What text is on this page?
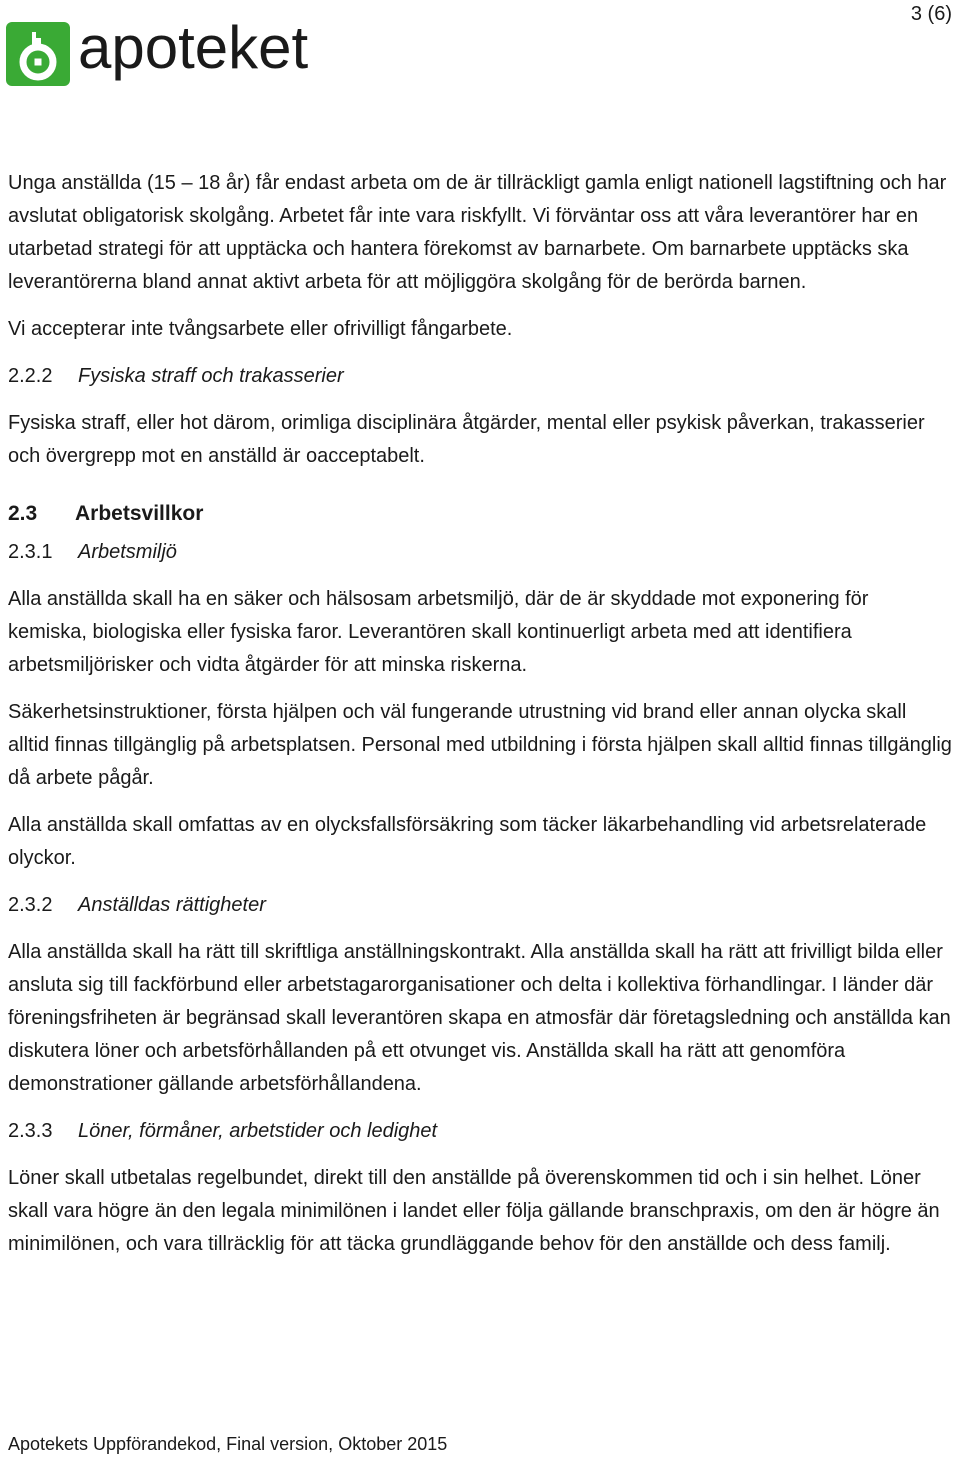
3 (6)
apoteket

Unga anställda (15 – 18 år) får endast arbeta om de är tillräckligt gamla enligt nationell lagstiftning och har avslutat obligatorisk skolgång. Arbetet får inte vara riskfyllt. Vi förväntar oss att våra leverantörer har en utarbetad strategi för att upptäcka och hantera förekomst av barnarbete. Om barnarbete upptäcks ska leverantörerna bland annat aktivt arbeta för att möjliggöra skolgång för de berörda barnen.

Vi accepterar inte tvångsarbete eller ofrivilligt fångarbete.

2.2.2	Fysiska straff och trakasserier

Fysiska straff, eller hot därom, orimliga disciplinära åtgärder, mental eller psykisk påverkan, trakasserier och övergrepp mot en anställd är oacceptabelt.

2.3	Arbetsvillkor
2.3.1	Arbetsmiljö

Alla anställda skall ha en säker och hälsosam arbetsmiljö, där de är skyddade mot exponering för kemiska, biologiska eller fysiska faror. Leverantören skall kontinuerligt arbeta med att identifiera arbetsmiljörisker och vidta åtgärder för att minska riskerna.

Säkerhetsinstruktioner, första hjälpen och väl fungerande utrustning vid brand eller annan olycka skall alltid finnas tillgänglig på arbetsplatsen. Personal med utbildning i första hjälpen skall alltid finnas tillgänglig då arbete pågår.

Alla anställda skall omfattas av en olycksfallsförsäkring som täcker läkarbehandling vid arbetsrelaterade olyckor.

2.3.2	Anställdas rättigheter

Alla anställda skall ha rätt till skriftliga anställningskontrakt. Alla anställda skall ha rätt att frivilligt bilda eller ansluta sig till fackförbund eller arbetstagarorganisationer och delta i kollektiva förhandlingar. I länder där föreningsfriheten är begränsad skall leverantören skapa en atmosfär där företagsledning och anställda kan diskutera löner och arbetsförhållanden på ett otvunget vis. Anställda skall ha rätt att genomföra demonstrationer gällande arbetsförhållandena.

2.3.3	Löner, förmåner, arbetstider och ledighet

Löner skall utbetalas regelbundet, direkt till den anställde på överenskommen tid och i sin helhet. Löner skall vara högre än den legala minimilönen i landet eller följa gällande branschpraxis, om den är högre än minimilönen, och vara tillräcklig för att täcka grundläggande behov för den anställde och dess familj.

Apotekets Uppförandekod, Final version, Oktober 2015
